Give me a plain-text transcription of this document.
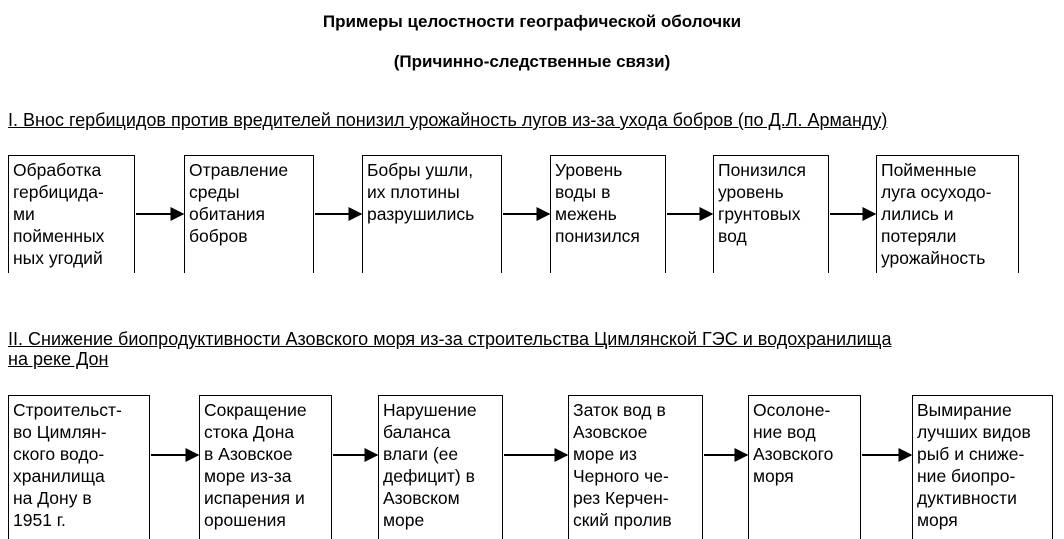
Примеры целостности географической оболочки
(Причинно-следственные связи)
I. Внос гербицидов против вредителей понизил урожайность лугов из-за ухода бобров (по Д.Л. Арманду)
Обработка
гербицида-
ми пойменных
ных угодий
Отравление
среды
обитания
бобров
Бобры ушли,
их плотины
разрушились
Уровень
воды в
межень
понизился
Понизился
уровень
грунтовых
вод
Пойменные
луга осуходо-
лились и
потеряли
урожайность
II. Снижение биопродуктивности Азовского моря из-за строительства Цимлянской ГЭС и водохранилища
на реке Дон
Строительст-
во Цимлян-
ского водо-
хранилища
на Дону в
1951 г.
Сокращение
стока Дона
в Азовское
море из-за
испарения и
орошения
Нарушение
баланса
влаги (ее
дефицит) в
Азовском
море
Заток вод в
Азовское
море из
Черного че-
рез Керчен-
ский пролив
Осолоне-
ние вод
Азовского
моря
Вымирание
лучших видов
рыб и сниже-
ние биопро-
дуктивности
моря
